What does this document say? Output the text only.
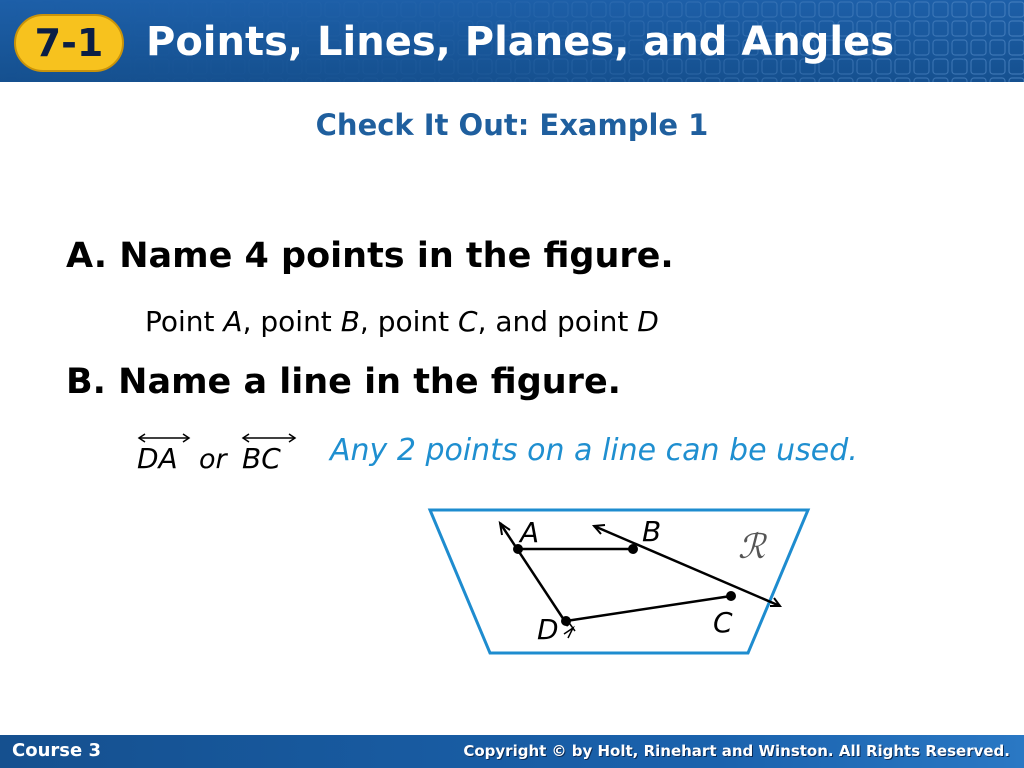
7-1	Points, Lines, Planes, and Angles
Check It Out: Example 1
A. Name 4 points in the figure.
Point A, point B, point C, and point D
B. Name a line in the figure.
DA or BC Any 2 points on a line can be used.
A	B
C
D
ℛ
Course 3	Copyright © by Holt, Rinehart and Winston. All Rights Reserved.
